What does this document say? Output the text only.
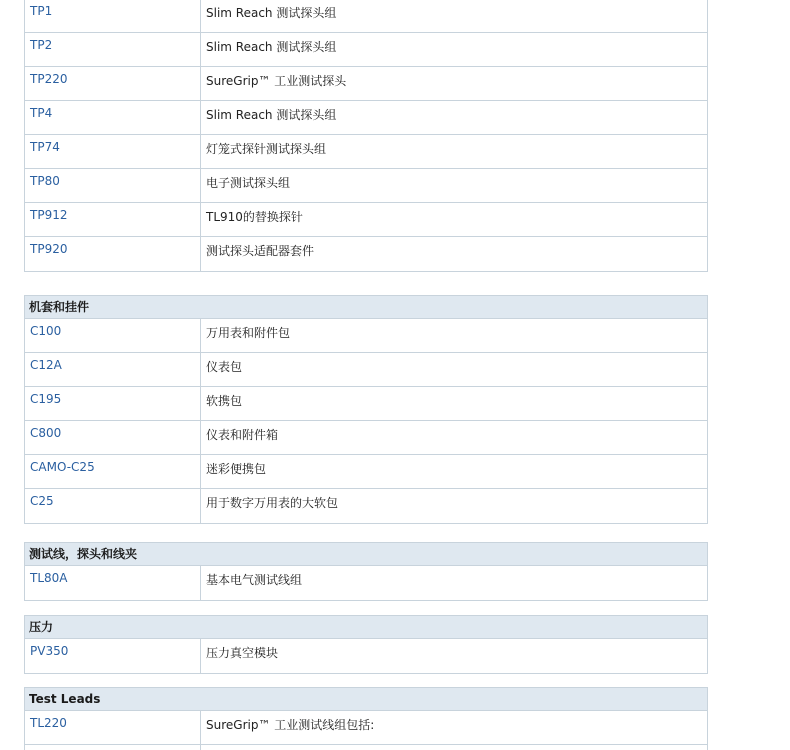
TP1	Slim Reach 测试探头组
TP2	Slim Reach 测试探头组
TP220	SureGrip™ 工业测试探头
TP4	Slim Reach 测试探头组
TP74	灯笼式探针测试探头组
TP80	电子测试探头组
TP912	TL910的替换探针
TP920	测试探头适配器套件
机套和挂件
C100	万用表和附件包
C12A	仪表包
C195	软携包
C800	仪表和附件箱
CAMO-C25	迷彩便携包
C25	用于数字万用表的大软包
测试线，探头和线夹
TL80A	基本电气测试线组
压力
PV350	压力真空模块
Test Leads
TL220	SureGrip™ 工业测试线组包括:
